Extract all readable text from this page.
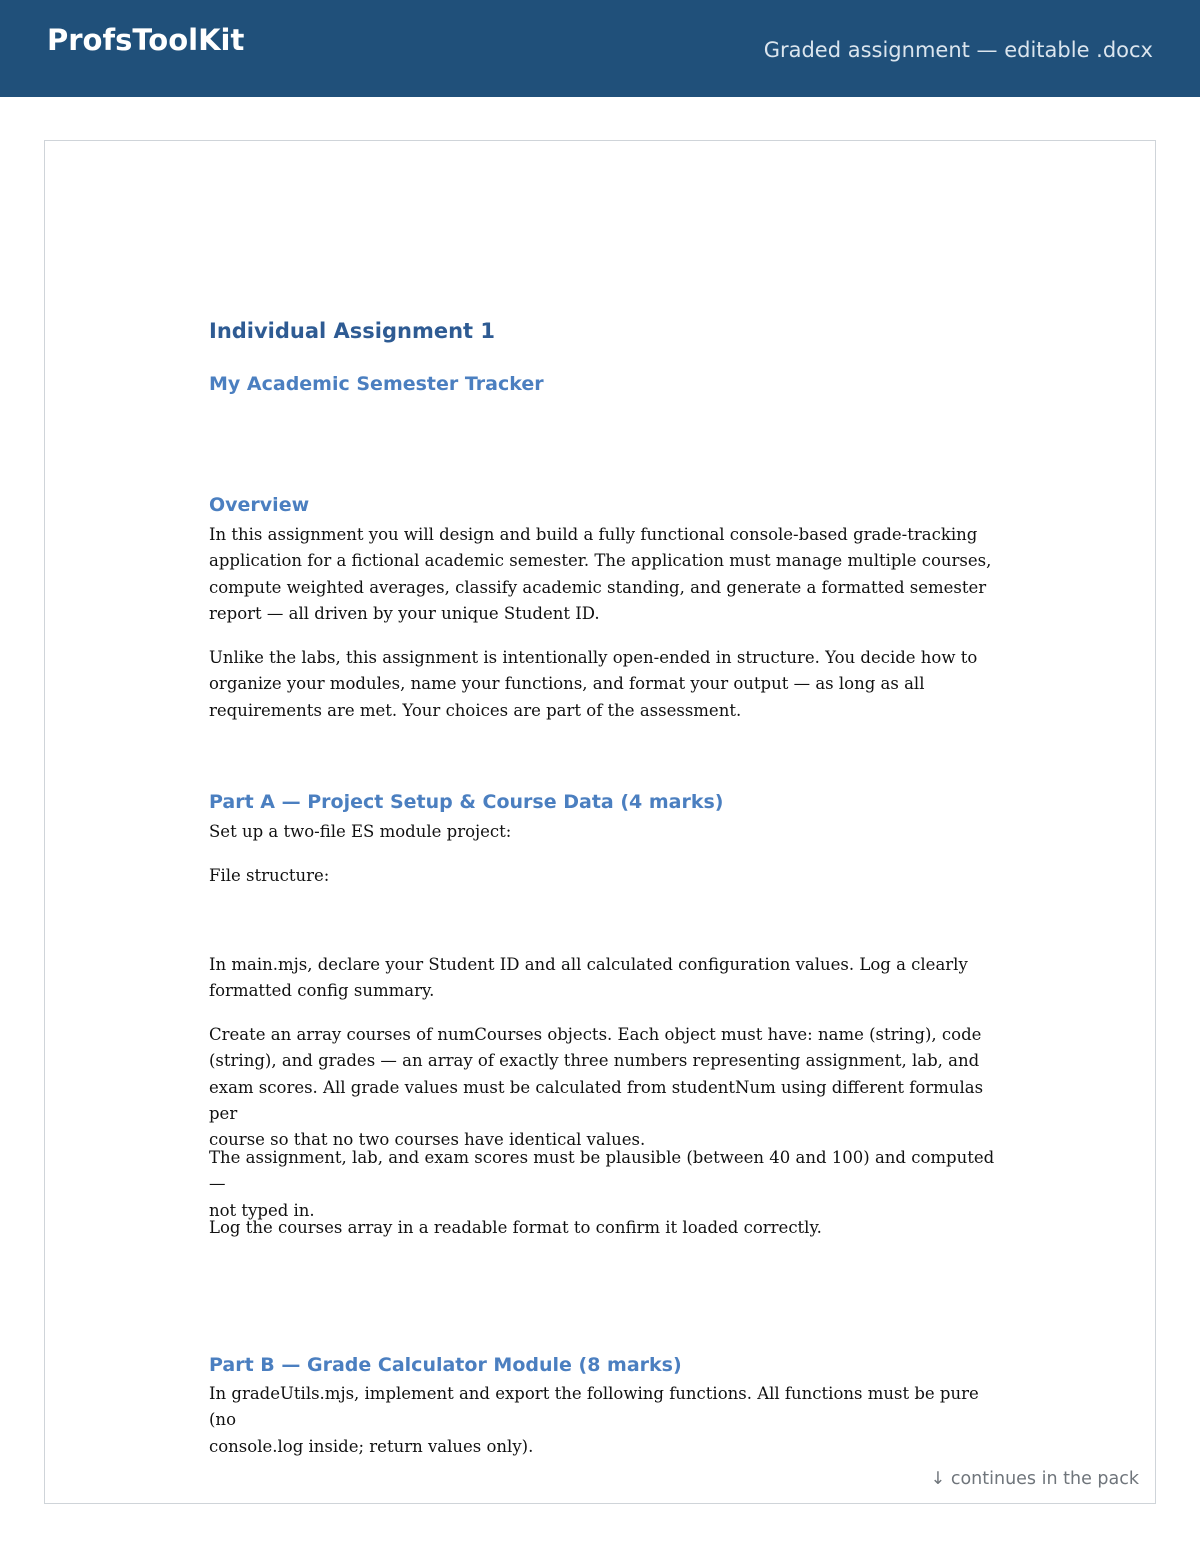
ProfsToolKit	Graded assignment — editable .docx
Individual Assignment 1
My Academic Semester Tracker
Overview
In this assignment you will design and build a fully functional console-based grade-tracking
application for a fictional academic semester. The application must manage multiple courses,
compute weighted averages, classify academic standing, and generate a formatted semester
report — all driven by your unique Student ID.
Unlike the labs, this assignment is intentionally open-ended in structure. You decide how to
organize your modules, name your functions, and format your output — as long as all
requirements are met. Your choices are part of the assessment.
Part A — Project Setup & Course Data (4 marks)
Set up a two-file ES module project:
File structure:
In main.mjs, declare your Student ID and all calculated configuration values. Log a clearly
formatted config summary.
Create an array courses of numCourses objects. Each object must have: name (string), code
(string), and grades — an array of exactly three numbers representing assignment, lab, and
exam scores. All grade values must be calculated from studentNum using different formulas per
course so that no two courses have identical values.
The assignment, lab, and exam scores must be plausible (between 40 and 100) and computed —
not typed in.
Log the courses array in a readable format to confirm it loaded correctly.
Part B — Grade Calculator Module (8 marks)
In gradeUtils.mjs, implement and export the following functions. All functions must be pure (no
console.log inside; return values only).
↓ continues in the pack
